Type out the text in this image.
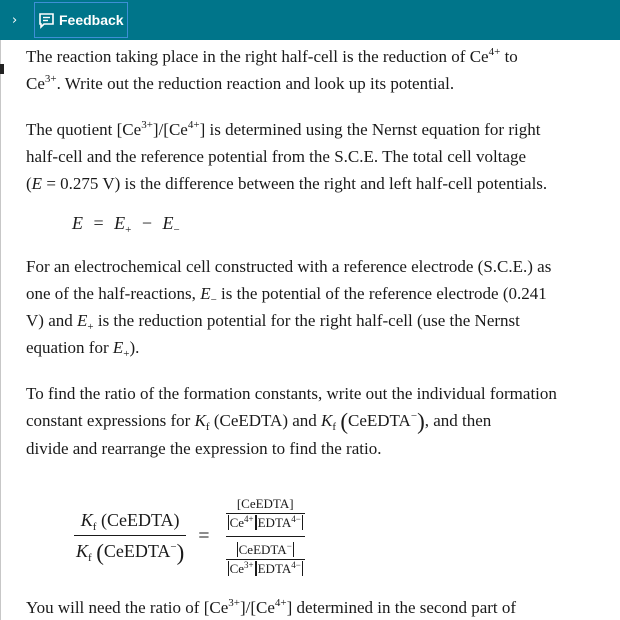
›	Feedback

The reaction taking place in the right half-cell is the reduction of $Ce^{4+}$ to
$Ce^{3+}$. Write out the reduction reaction and look up its potential.

The quotient $[Ce^{3+}]/[Ce^{4+}]$ is determined using the Nernst equation for right
half-cell and the reference potential from the S.C.E. The total cell voltage
(E = 0.275 V) is the difference between the right and left half-cell potentials.

$E = E_+ - E_-$

For an electrochemical cell constructed with a reference electrode (S.C.E.) as
one of the half-reactions, $E_-$ is the potential of the reference electrode (0.241
V) and $E_+$ is the reduction potential for the right half-cell (use the Nernst
equation for $E_+$).

To find the ratio of the formation constants, write out the individual formation
constant expressions for $K_f$ (CeEDTA) and $K_f$ (CeEDTA−), and then
divide and rearrange the expression to find the ratio.

$\frac{K_f (CeEDTA)}{K_f (CeEDTA^-)} = \frac{\frac{\text{[CeEDTA]}}{Ce^{4+} EDTA^{4-}}}{\frac{CeEDTA^-}{Ce^{3+} EDTA^{4-}}}$
You will need the ratio of $[Ce^{3+}]/[Ce^{4+}]$ determined in the second part of
